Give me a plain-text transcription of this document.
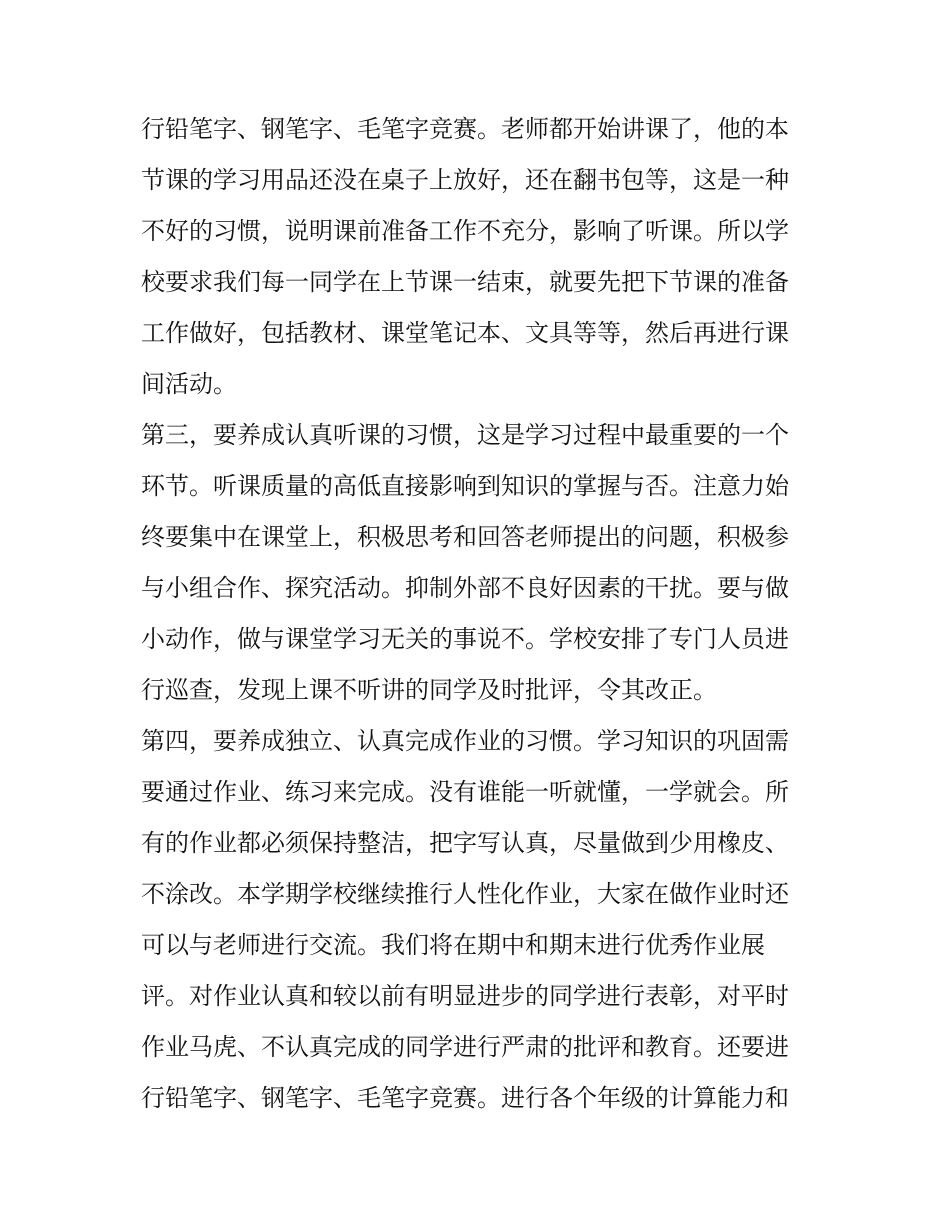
行铅笔字、钢笔字、毛笔字竞赛。老师都开始讲课了，他的本
节课的学习用品还没在桌子上放好，还在翻书包等，这是一种
不好的习惯，说明课前准备工作不充分，影响了听课。所以学
校要求我们每一同学在上节课一结束，就要先把下节课的准备
工作做好，包括教材、课堂笔记本、文具等等，然后再进行课
间活动。
第三，要养成认真听课的习惯，这是学习过程中最重要的一个
环节。听课质量的高低直接影响到知识的掌握与否。注意力始
终要集中在课堂上，积极思考和回答老师提出的问题，积极参
与小组合作、探究活动。抑制外部不良好因素的干扰。要与做
小动作，做与课堂学习无关的事说不。学校安排了专门人员进
行巡查，发现上课不听讲的同学及时批评，令其改正。
第四，要养成独立、认真完成作业的习惯。学习知识的巩固需
要通过作业、练习来完成。没有谁能一听就懂，一学就会。所
有的作业都必须保持整洁，把字写认真，尽量做到少用橡皮、
不涂改。本学期学校继续推行人性化作业，大家在做作业时还
可以与老师进行交流。我们将在期中和期末进行优秀作业展
评。对作业认真和较以前有明显进步的同学进行表彰，对平时
作业马虎、不认真完成的同学进行严肃的批评和教育。还要进
行铅笔字、钢笔字、毛笔字竞赛。进行各个年级的计算能力和
